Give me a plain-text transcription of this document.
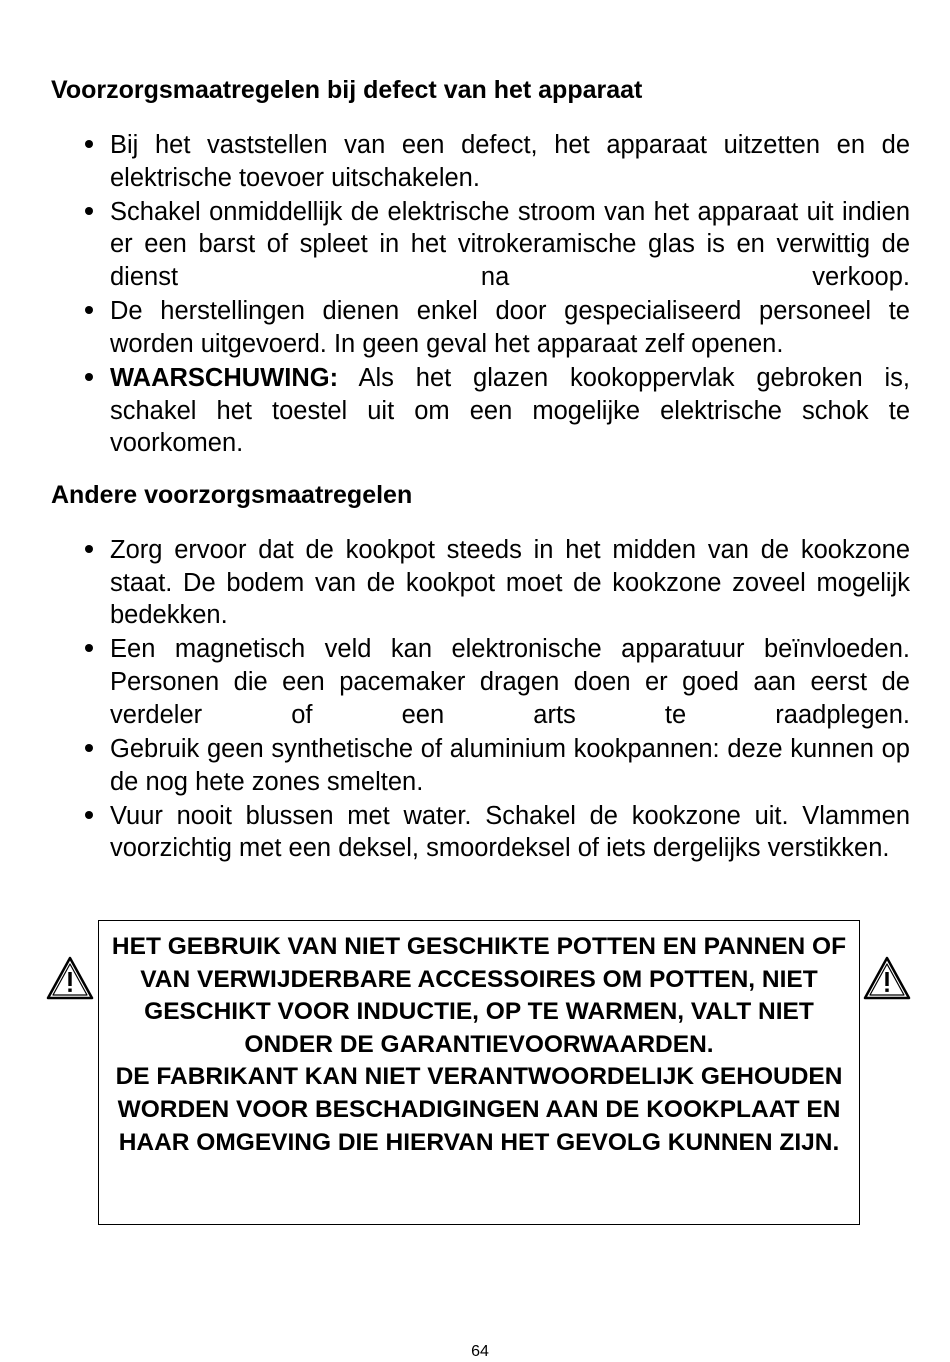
Voorzorgsmaatregelen bij defect van het apparaat
Bij het vaststellen van een defect, het apparaat uitzetten en de elektrische toevoer uitschakelen.
Schakel onmiddellijk de elektrische stroom van het apparaat uit indien er een barst of spleet in het vitrokeramische glas is en verwittig de dienst na verkoop.
De herstellingen dienen enkel door gespecialiseerd personeel te worden uitgevoerd. In geen geval het apparaat zelf openen.
WAARSCHUWING: Als het glazen kookoppervlak gebroken is, schakel het toestel uit om een mogelijke elektrische schok te voorkomen.
Andere voorzorgsmaatregelen
Zorg ervoor dat de kookpot steeds in het midden van de kookzone staat. De bodem van de kookpot moet de kookzone zoveel mogelijk bedekken.
Een magnetisch veld kan elektronische apparatuur beïnvloeden. Personen die een pacemaker dragen doen er goed aan eerst de verdeler of een arts te raadplegen.
Gebruik geen synthetische of aluminium kookpannen: deze kunnen op de nog hete zones smelten.
Vuur nooit blussen met water. Schakel de kookzone uit. Vlammen voorzichtig met een deksel, smoordeksel of iets dergelijks verstikken.

HET GEBRUIK VAN NIET GESCHIKTE POTTEN EN PANNEN OF VAN VERWIJDERBARE ACCESSOIRES OM POTTEN, NIET GESCHIKT VOOR INDUCTIE, OP TE WARMEN, VALT NIET ONDER DE GARANTIEVOORWAARDEN.

DE FABRIKANT KAN NIET VERANTWOORDELIJK GEHOUDEN WORDEN VOOR BESCHADIGINGEN AAN DE KOOKPLAAT EN HAAR OMGEVING DIE HIERVAN HET GEVOLG KUNNEN ZIJN.

64
